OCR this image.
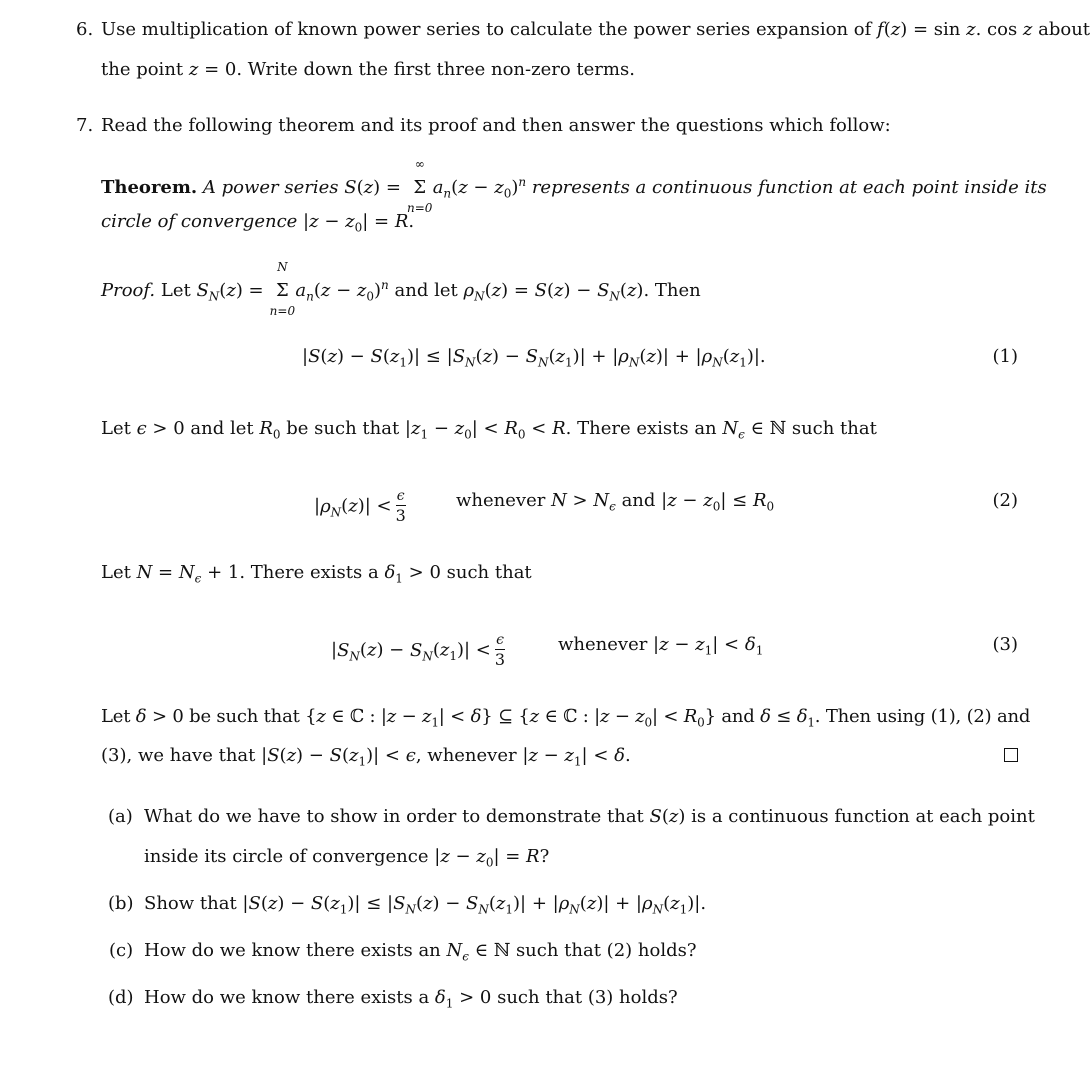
6. Use multiplication of known power series to calculate the power series expansion of f(z) = sin z. cos z about
the point z = 0. Write down the first three non-zero terms.
7. Read the following theorem and its proof and then answer the questions which follow:
Theorem. A power series S(z) =
∞
Σ
n=0
$a_n(z - z_0)^n$ represents a continuous function at each point inside its
circle of convergence $|z - z_0| = R$.
Proof. Let $S_N(z)$ =
N
Σ
n=0
$a_n(z - z_0)^n$ and let $\rho_N(z) = S(z) - S_N(z)$. Then
$|S(z) - S(z_1)| \le |S_N(z) - S_N(z_1)| + |\rho_N(z)| + |\rho_N(z_1)|$.	(1)
Let ϵ > 0 and let $R_0$ be such that $|z_1 - z_0| < R_0 < R$. There exists an $N_\epsilon$ ∈ ℕ such that
$|\rho_N(z)| < \frac{\epsilon}{3}$	whenever $N > N_\epsilon$ and $|z - z_0| \le R_0$	(2)
Let $N = N_\epsilon + 1$. There exists a $\delta_1 > 0$ such that
$|S_N(z) - S_N(z_1)| < \frac{\epsilon}{3}$	whenever $|z - z_1| < \delta_1$	(3)
Let δ > 0 be such that {z ∈ ℂ : $|z - z_1| < \delta$} ⊆ {z ∈ ℂ : $|z - z_0| < R_0$} and $\delta \le \delta_1$. Then using (1), (2) and
(3), we have that $|S(z) - S(z_1)| < \epsilon$, whenever $|z - z_1| < \delta$.
(a) What do we have to show in order to demonstrate that S(z) is a continuous function at each point
inside its circle of convergence $|z - z_0| = R$?
(b) Show that $|S(z) - S(z_1)| \le |S_N(z) - S_N(z_1)| + |\rho_N(z)| + |\rho_N(z_1)|$.
(c) How do we know there exists an $N_\epsilon$ ∈ ℕ such that (2) holds?
(d) How do we know there exists a $\delta_1 > 0$ such that (3) holds?
